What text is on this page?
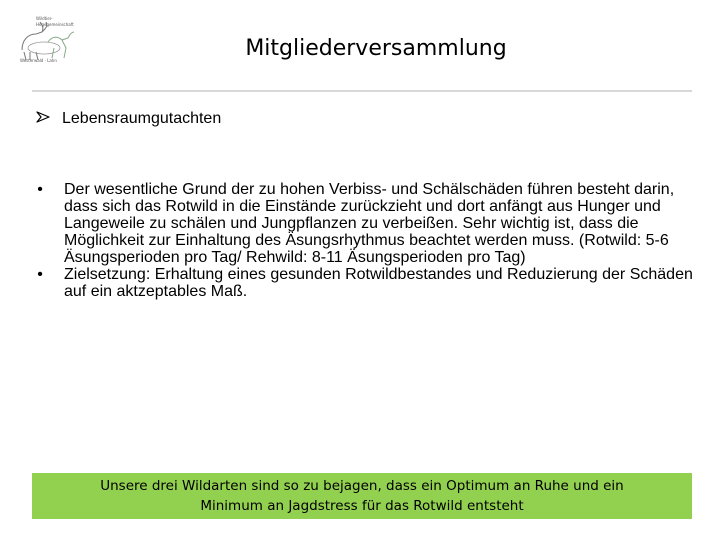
Wildtier-
Hegegemeinschaft
Westerwald · Lahn	Mitgliederversammlung
Lebensraumgutachten
•	Der wesentliche Grund der zu hohen Verbiss- und Schälschäden führen besteht darin, dass sich das Rotwild in die Einstände zurückzieht und dort anfängt aus Hunger und Langeweile zu schälen und Jungpflanzen zu verbeißen. Sehr wichtig ist, dass die Möglichkeit zur Einhaltung des Äsungsrhythmus beachtet werden muss. (Rotwild: 5-6 Äsungsperioden pro Tag/ Rehwild: 8-11 Äsungsperioden pro Tag)
•	Zielsetzung: Erhaltung eines gesunden Rotwildbestandes und Reduzierung der Schäden auf ein aktzeptables Maß.
Unsere drei Wildarten sind so zu bejagen, dass ein Optimum an Ruhe und ein Minimum an Jagdstress für das Rotwild entsteht
